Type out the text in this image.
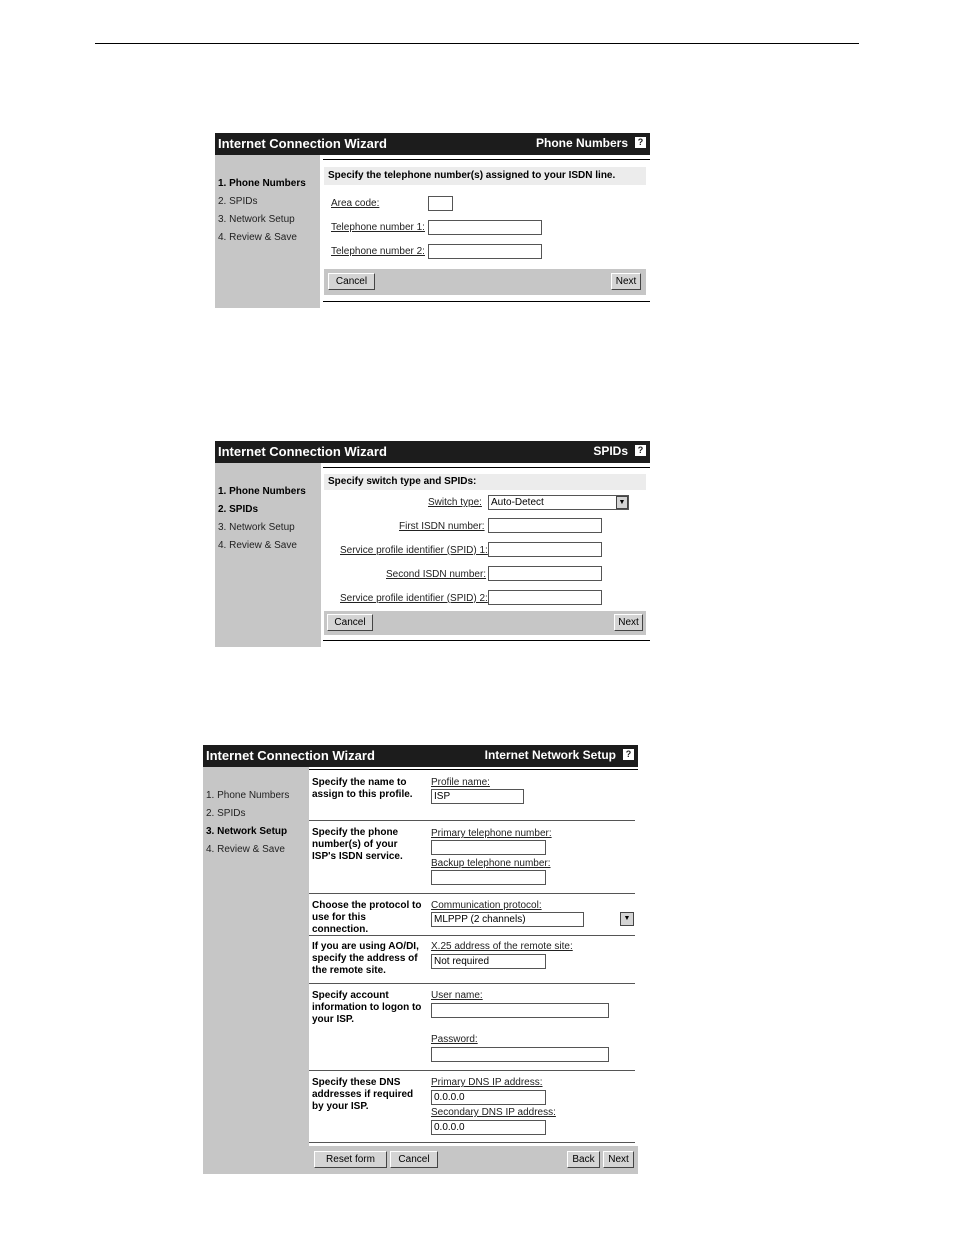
Internet Connection Wizard	Phone Numbers	?
1. Phone Numbers
2. SPIDs
3. Network Setup
4. Review & Save
Specify the telephone number(s) assigned to your ISDN line.
Area code:
Telephone number 1:
Telephone number 2:
Cancel	Next
Internet Connection Wizard	SPIDs	?
1. Phone Numbers
2. SPIDs
3. Network Setup
4. Review & Save
Specify switch type and SPIDs:
Switch type: Auto-Detect	▼
First ISDN number:
Service profile identifier (SPID) 1:
Second ISDN number:
Service profile identifier (SPID) 2:
Cancel	Next
Internet Connection Wizard	Internet Network Setup	?
1. Phone Numbers
2. SPIDs
3. Network Setup
4. Review & Save
Specify the name to assign to this profile.
Profile name:
ISP
Specify the phone number(s) of your ISP's ISDN service.
Primary telephone number:
Backup telephone number:
Choose the protocol to use for this connection.
Communication protocol:
MLPPP (2 channels)	▼
If you are using AO/DI, specify the address of the remote site.
X.25 address of the remote site:
Not required
Specify account information to logon to your ISP.
User name:
Password:
Specify these DNS addresses if required by your ISP.
Primary DNS IP address:
0.0.0.0
Secondary DNS IP address:
0.0.0.0
Reset form	Cancel	Back	Next
